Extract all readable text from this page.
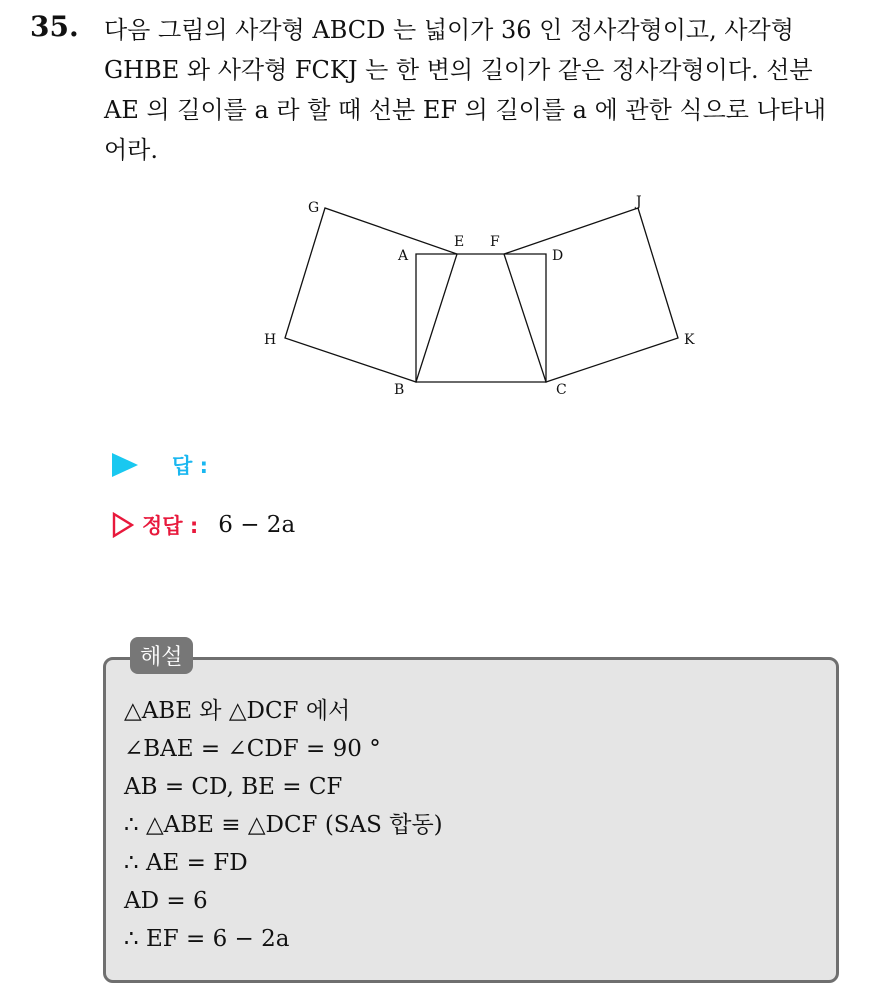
35. 다음 그림의 사각형 ABCD 는 넓이가 36 인 정사각형이고, 사각형
GHBE 와 사각형 FCKJ 는 한 변의 길이가 같은 정사각형이다. 선분
AE 의 길이를 a 라 할 때 선분 EF 의 길이를 a 에 관한 식으로 나타내
어라.
G
E F
J
A	D
H	K
B	C
답 :
정답 : 6 − 2a
해설
△ABE 와 △DCF 에서
∠BAE = ∠CDF = 90 °
AB = CD, BE = CF
∴ △ABE ≡ △DCF (SAS 합동)
∴ AE = FD
AD = 6
∴ EF = 6 − 2a
